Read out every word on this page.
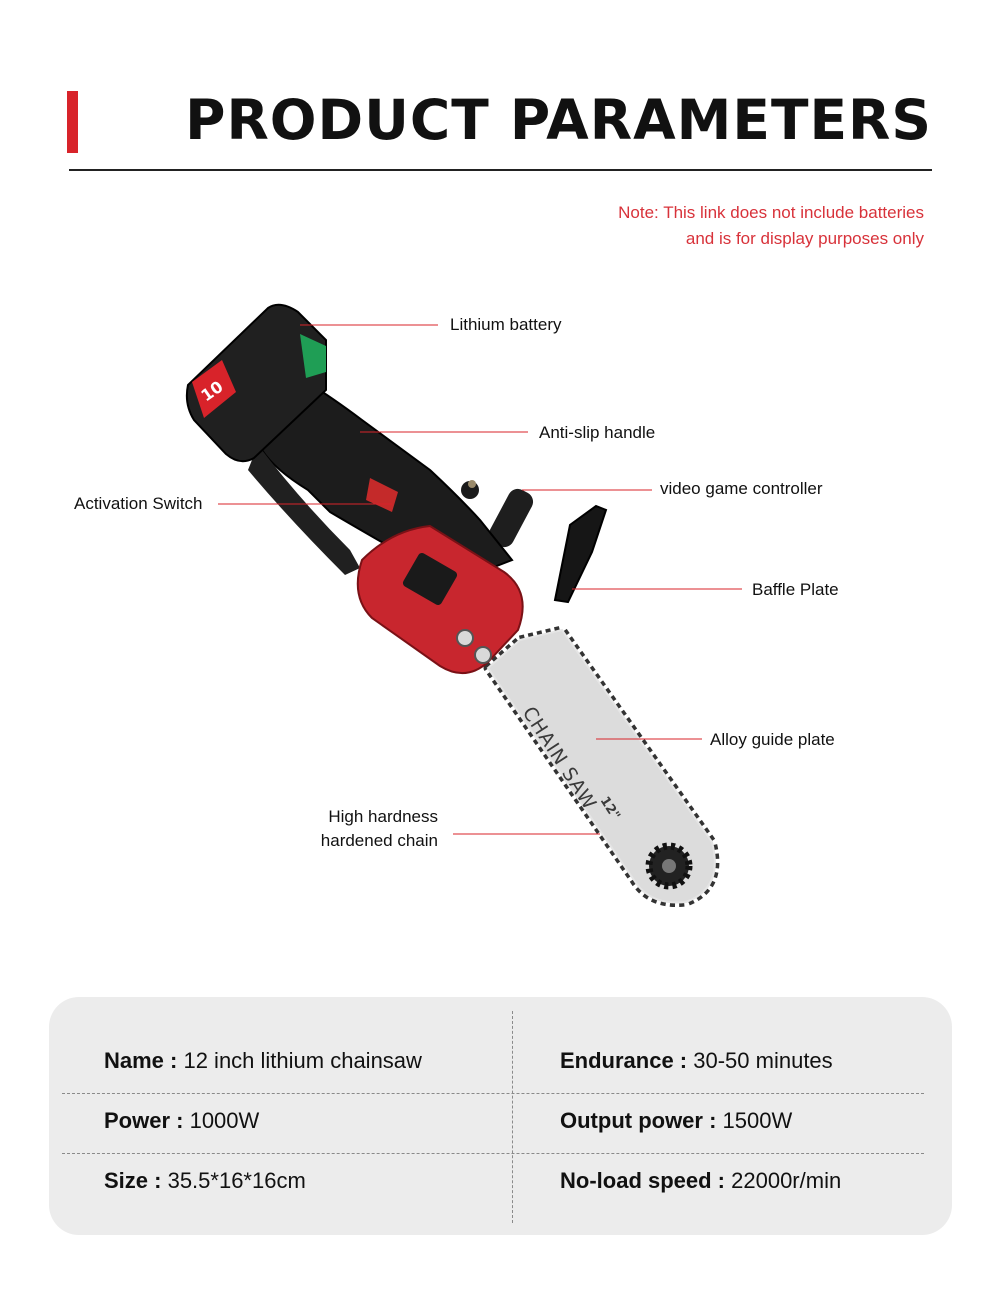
PRODUCT PARAMETERS
Note: This link does not include batteries
and is for display purposes only
CHAIN SAW
12"
10
Lithium battery
Anti-slip handle
Activation Switch
video game controller
Baffle Plate
Alloy guide plate
High hardness
hardened chain
Name : 12 inch lithium chainsaw	Endurance : 30-50 minutes
Power : 1000W	Output power : 1500W
Size : 35.5*16*16cm	No-load speed : 22000r/min
